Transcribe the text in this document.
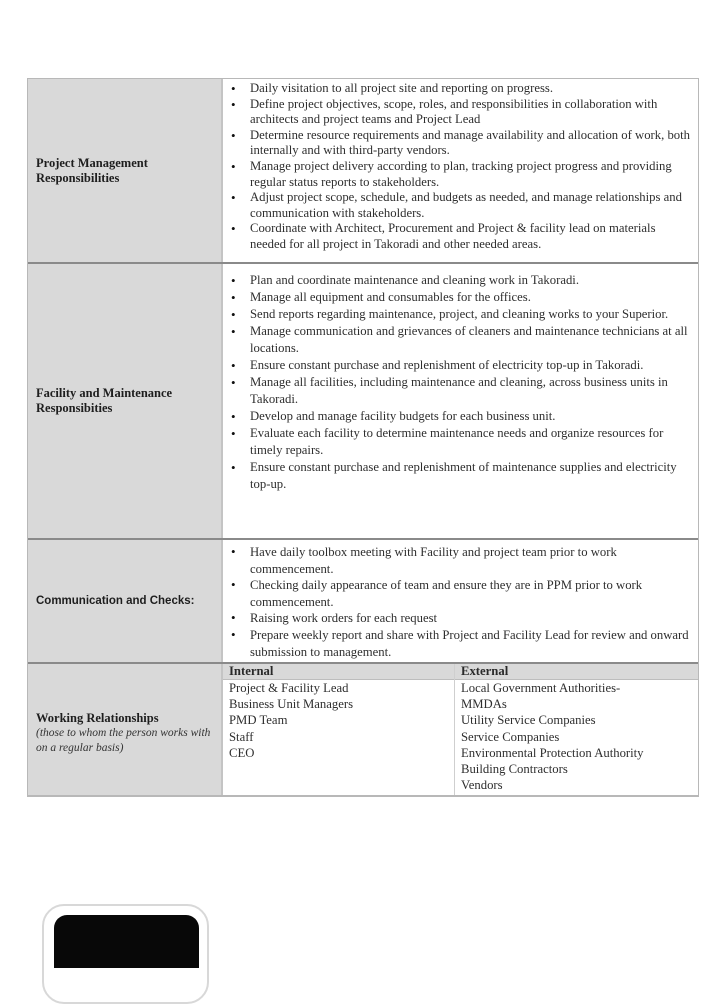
Project Management Responsibilities
• Daily visitation to all project site and reporting on progress.
• Define project objectives, scope, roles, and responsibilities in collaboration with architects and project teams and Project Lead
• Determine resource requirements and manage availability and allocation of work, both internally and with third-party vendors.
• Manage project delivery according to plan, tracking project progress and providing regular status reports to stakeholders.
• Adjust project scope, schedule, and budgets as needed, and manage relationships and communication with stakeholders.
• Coordinate with Architect, Procurement and Project & facility lead on materials needed for all project in Takoradi and other needed areas.
Facility and Maintenance Responsibities
• Plan and coordinate maintenance and cleaning work in Takoradi.
• Manage all equipment and consumables for the offices.
• Send reports regarding maintenance, project, and cleaning works to your Superior.
• Manage communication and grievances of cleaners and maintenance technicians at all locations.
• Ensure constant purchase and replenishment of electricity top-up in Takoradi.
• Manage all facilities, including maintenance and cleaning, across business units in Takoradi.
• Develop and manage facility budgets for each business unit.
• Evaluate each facility to determine maintenance needs and organize resources for timely repairs.
• Ensure constant purchase and replenishment of maintenance supplies and electricity top-up.
Communication and Checks:
• Have daily toolbox meeting with Facility and project team prior to work commencement.
• Checking daily appearance of team and ensure they are in PPM prior to work commencement.
• Raising work orders for each request
• Prepare weekly report and share with Project and Facility Lead for review and onward submission to management.
Working Relationships
(those to whom the person works with on a regular basis)
Internal
Project & Facility Lead
Business Unit Managers
PMD Team
Staff
CEO
External
Local Government Authorities-
MMDAs
Utility Service Companies
Service Companies
Environmental Protection Authority
Building Contractors
Vendors
